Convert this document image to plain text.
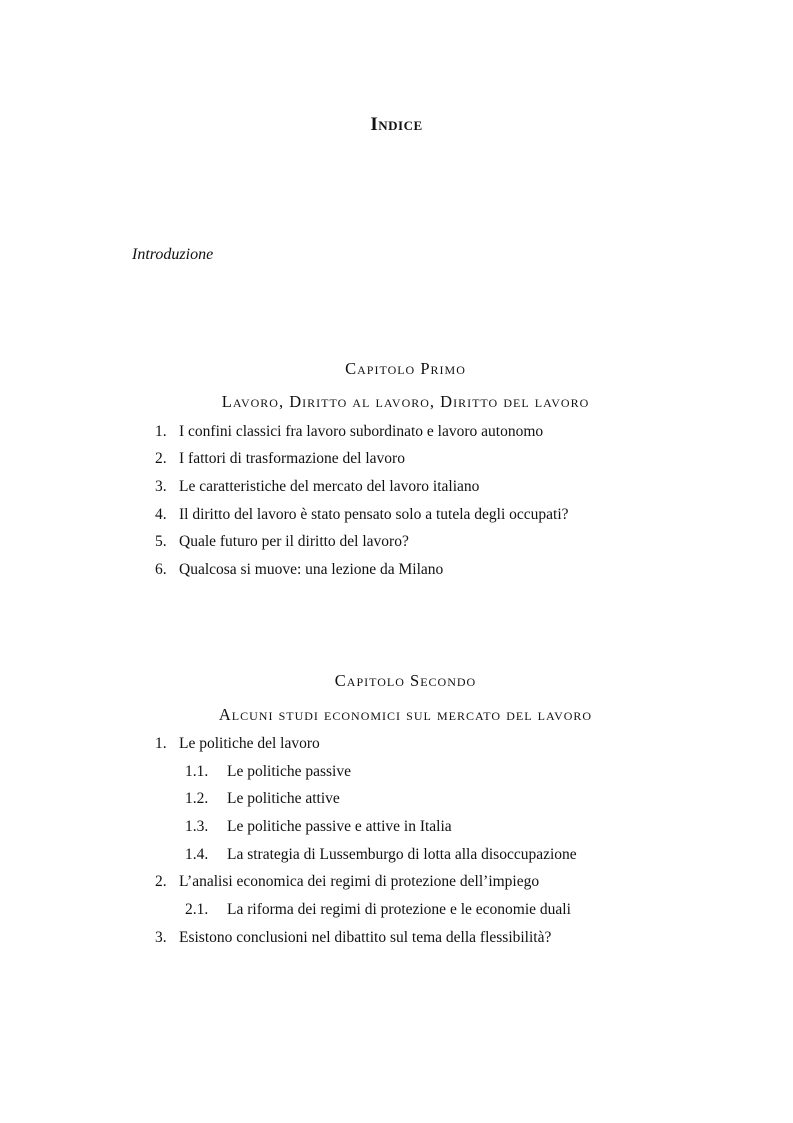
Indice
Introduzione
Capitolo Primo
Lavoro, Diritto al lavoro, Diritto del lavoro
1. I confini classici fra lavoro subordinato e lavoro autonomo
2. I fattori di trasformazione del lavoro
3. Le caratteristiche del mercato del lavoro italiano
4. Il diritto del lavoro è stato pensato solo a tutela degli occupati?
5. Quale futuro per il diritto del lavoro?
6. Qualcosa si muove: una lezione da Milano
Capitolo Secondo
Alcuni studi economici sul mercato del lavoro
1. Le politiche del lavoro
1.1. Le politiche passive
1.2. Le politiche attive
1.3. Le politiche passive e attive in Italia
1.4. La strategia di Lussemburgo di lotta alla disoccupazione
2. L’analisi economica dei regimi di protezione dell’impiego
2.1. La riforma dei regimi di protezione e le economie duali
3. Esistono conclusioni nel dibattito sul tema della flessibilità?
